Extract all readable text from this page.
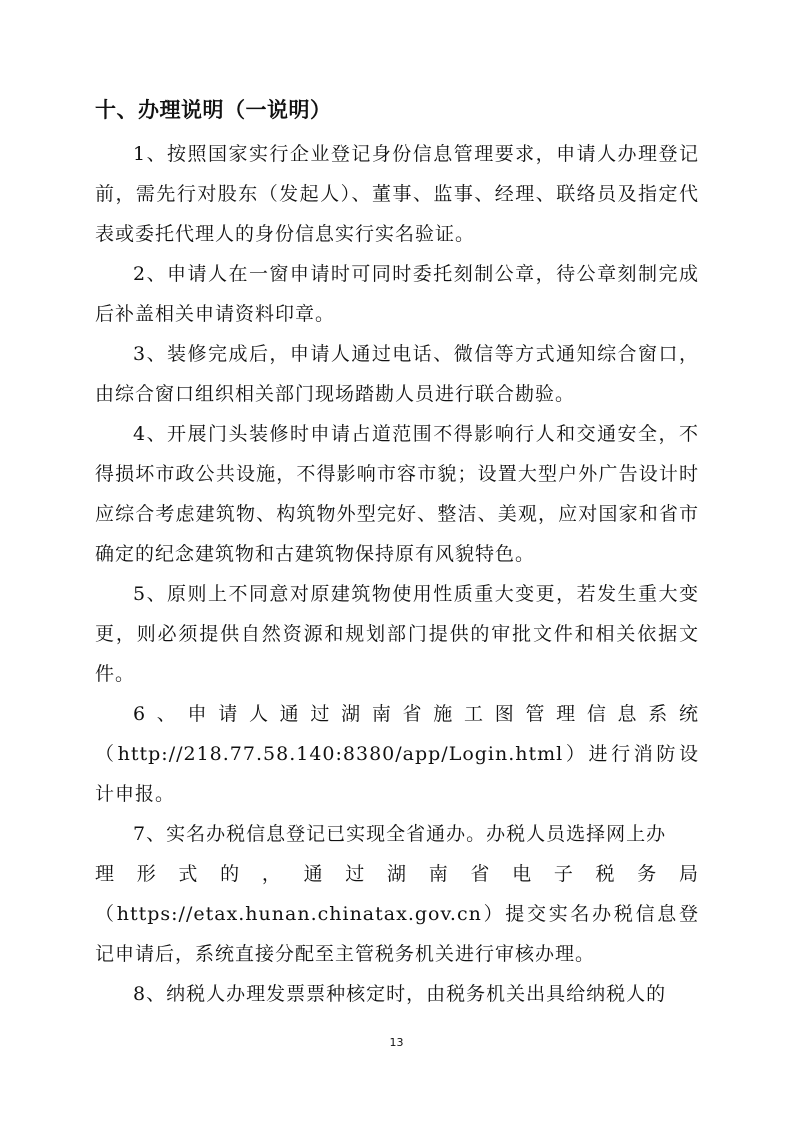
十、办理说明（一说明）

1、按照国家实行企业登记身份信息管理要求，申请人办理登记前，需先行对股东（发起人）、董事、监事、经理、联络员及指定代表或委托代理人的身份信息实行实名验证。

2、申请人在一窗申请时可同时委托刻制公章，待公章刻制完成后补盖相关申请资料印章。

3、装修完成后，申请人通过电话、微信等方式通知综合窗口，由综合窗口组织相关部门现场踏勘人员进行联合勘验。

4、开展门头装修时申请占道范围不得影响行人和交通安全，不得损坏市政公共设施，不得影响市容市貌；设置大型户外广告设计时应综合考虑建筑物、构筑物外型完好、整洁、美观，应对国家和省市确定的纪念建筑物和古建筑物保持原有风貌特色。

5、原则上不同意对原建筑物使用性质重大变更，若发生重大变更，则必须提供自然资源和规划部门提供的审批文件和相关依据文件。

6、申请人通过湖南省施工图管理信息系统

（http://218.77.58.140:8380/app/Login.html）进行消防设计申报。

7、实名办税信息登记已实现全省通办。办税人员选择网上办

理形式的，通过湖南省电子税务局

（https://etax.hunan.chinatax.gov.cn）提交实名办税信息登记申请后，系统直接分配至主管税务机关进行审核办理。

8、纳税人办理发票票种核定时，由税务机关出具给纳税人的

13
